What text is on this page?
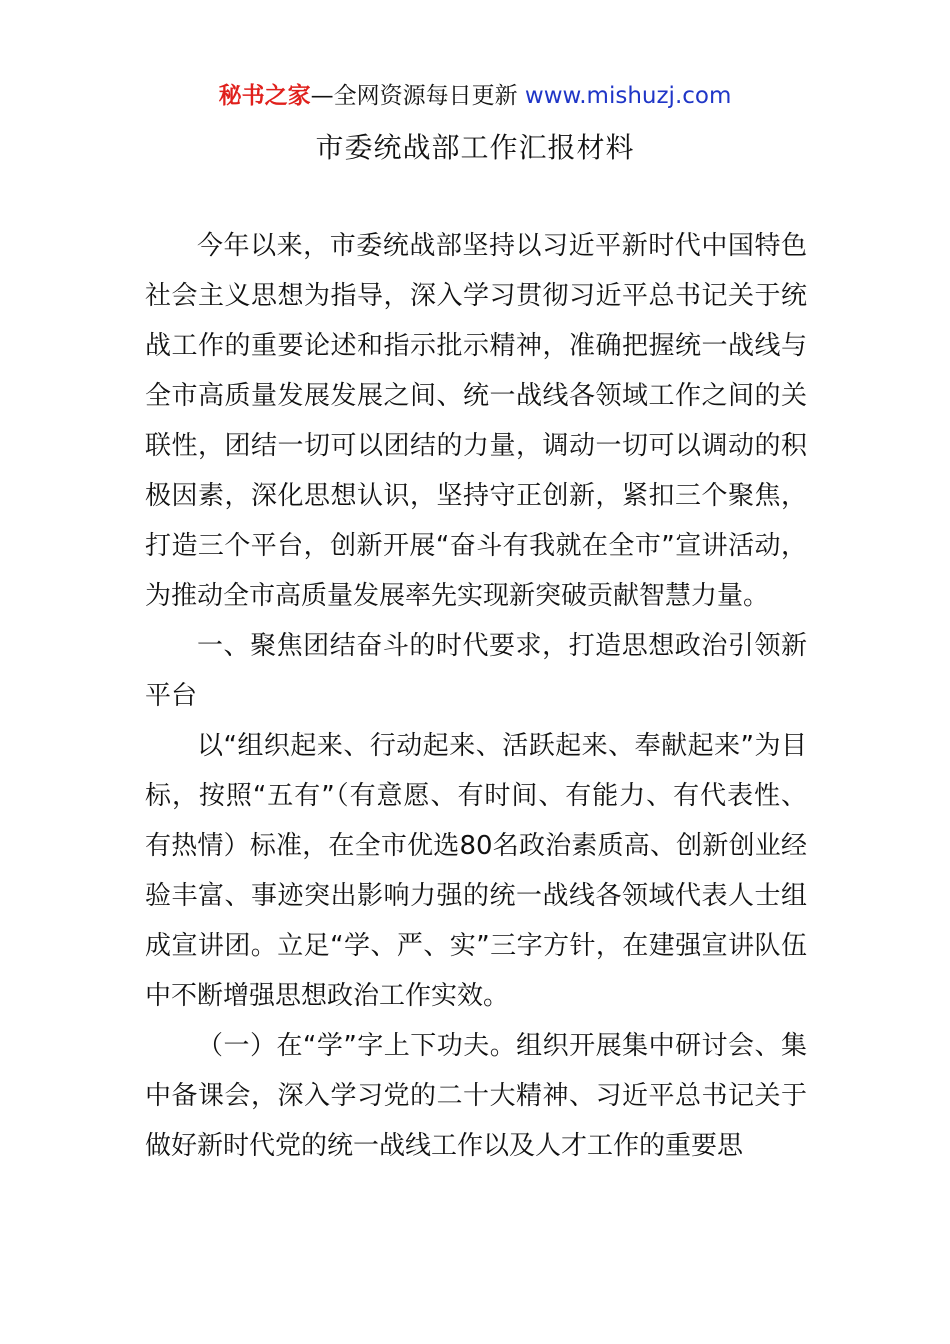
秘书之家—全网资源每日更新 www.mishuzj.com
市委统战部工作汇报材料

今年以来，市委统战部坚持以习近平新时代中国特色社会主义思想为指导，深入学习贯彻习近平总书记关于统战工作的重要论述和指示批示精神，准确把握统一战线与全市高质量发展发展之间、统一战线各领域工作之间的关联性，团结一切可以团结的力量，调动一切可以调动的积极因素，深化思想认识，坚持守正创新，紧扣三个聚焦，打造三个平台，创新开展“奋斗有我就在全市”宣讲活动，为推动全市高质量发展率先实现新突破贡献智慧力量。

一、聚焦团结奋斗的时代要求，打造思想政治引领新平台

以“组织起来、行动起来、活跃起来、奉献起来”为目标，按照“五有”（有意愿、有时间、有能力、有代表性、有热情）标准，在全市优选80名政治素质高、创新创业经验丰富、事迹突出影响力强的统一战线各领域代表人士组成宣讲团。立足“学、严、实”三字方针，在建强宣讲队伍中不断增强思想政治工作实效。

（一）在“学”字上下功夫。组织开展集中研讨会、集中备课会，深入学习党的二十大精神、习近平总书记关于做好新时代党的统一战线工作以及人才工作的重要思
